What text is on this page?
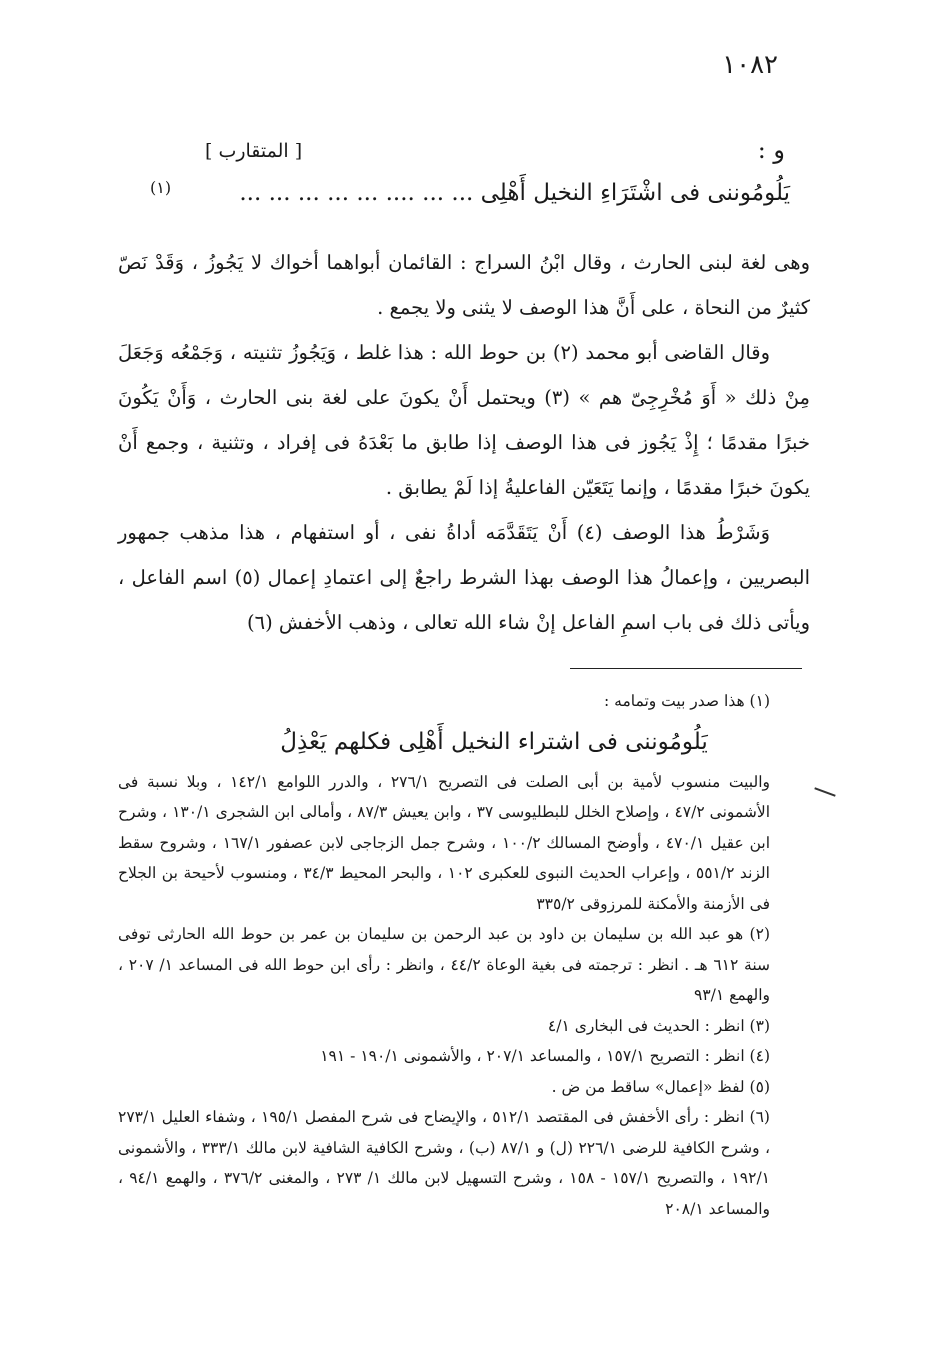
١٠٨٢
[ المتقارب ]	و :
يَلُومُوننى فى اشْتَرَاءِ النخيل أَهْلِى ... ... .... ... ... ... ... ...
(١)

وهى لغة لبنى الحارث ، وقال ابْنُ السراج : القائمان أبواهما أخواك لا يَجُوزُ ، وَقَدْ نَصّ كثيرٌ من النحاة ، على أَنَّ هذا الوصف لا يثنى ولا يجمع .

وقال القاضى أبو محمد (٢) بن حوط الله : هذا غلط ، وَيَجُوزُ تثنيته ، وَجَمْعُه وَجَعَلَ مِنْ ذلك « أَوَ مُخْرِجِىّ هم » (٣) ويحتمل أَنْ يكونَ على لغة بنى الحارث ، وَأَنْ يَكُونَ خبرًا مقدمًا ؛ إِذْ يَجُوز فى هذا الوصف إذا طابق ما بَعْدَهُ فى إفراد ، وتثنية ، وجمع أَنْ يكونَ خبرًا مقدمًا ، وإنما يَتَعَيّن الفاعليةُ إذا لَمْ يطابق .

وَشَرْطُ هذا الوصف (٤) أَنْ يَتَقَدَّمَه أداةُ نفى ، أو استفهام ، هذا مذهب جمهور البصريين ، وإعمالُ هذا الوصف بهذا الشرط راجعٌ إلى اعتمادِ إعمال (٥) اسم الفاعل ، ويأتى ذلك فى باب اسمِ الفاعل إنْ شاء الله تعالى ، وذهب الأخفش (٦)

(١) هذا صدر بيت وتمامه :

يَلُومُوننى فى اشتراء النخيل أَهْلِى فكلهم يَعْذِلُ

والبيت منسوب لأمية بن أبى الصلت فى التصريح ٢٧٦/١ ، والدرر اللوامع ١٤٢/١ ، وبلا نسبة فى الأشمونى ٤٧/٢ ، وإصلاح الخلل للبطليوسى ٣٧ ، وابن يعيش ٨٧/٣ ، وأمالى ابن الشجرى ١٣٠/١ ، وشرح ابن عقيل ٤٧٠/١ ، وأوضح المسالك ١٠٠/٢ ، وشرح جمل الزجاجى لابن عصفور ١٦٧/١ ، وشروح سقط الزند ٥٥١/٢ ، وإعراب الحديث النبوى للعكبرى ١٠٢ ، والبحر المحيط ٣٤/٣ ، ومنسوب لأحيحة بن الجلاح فى الأزمنة والأمكنة للمرزوقى ٣٣٥/٢

(٢) هو عبد الله بن سليمان بن داود بن عبد الرحمن بن سليمان بن عمر بن حوط الله الحارثى توفى سنة ٦١٢ هـ . انظر : ترجمته فى بغية الوعاة ٤٤/٢ ، وانظر : رأى ابن حوط الله فى المساعد ١/ ٢٠٧ ، والهمع ٩٣/١

(٣) انظر : الحديث فى البخارى ٤/١

(٤) انظر : التصريح ١٥٧/١ ، والمساعد ٢٠٧/١ ، والأشمونى ١٩٠/١ - ١٩١

(٥) لفظ «إعمال» ساقط من ض .

(٦) انظر : رأى الأخفش فى المقتصد ٥١٢/١ ، والإيضاح فى شرح المفصل ١٩٥/١ ، وشفاء العليل ٢٧٣/١ ، وشرح الكافية للرضى ٢٢٦/١ (ل) و ٨٧/١ (ب) ، وشرح الكافية الشافية لابن مالك ٣٣٣/١ ، والأشمونى ١٩٢/١ ، والتصريح ١٥٧/١ - ١٥٨ ، وشرح التسهيل لابن مالك ١/ ٢٧٣ ، والمغنى ٣٧٦/٢ ، والهمع ٩٤/١ ، والمساعد ٢٠٨/١
